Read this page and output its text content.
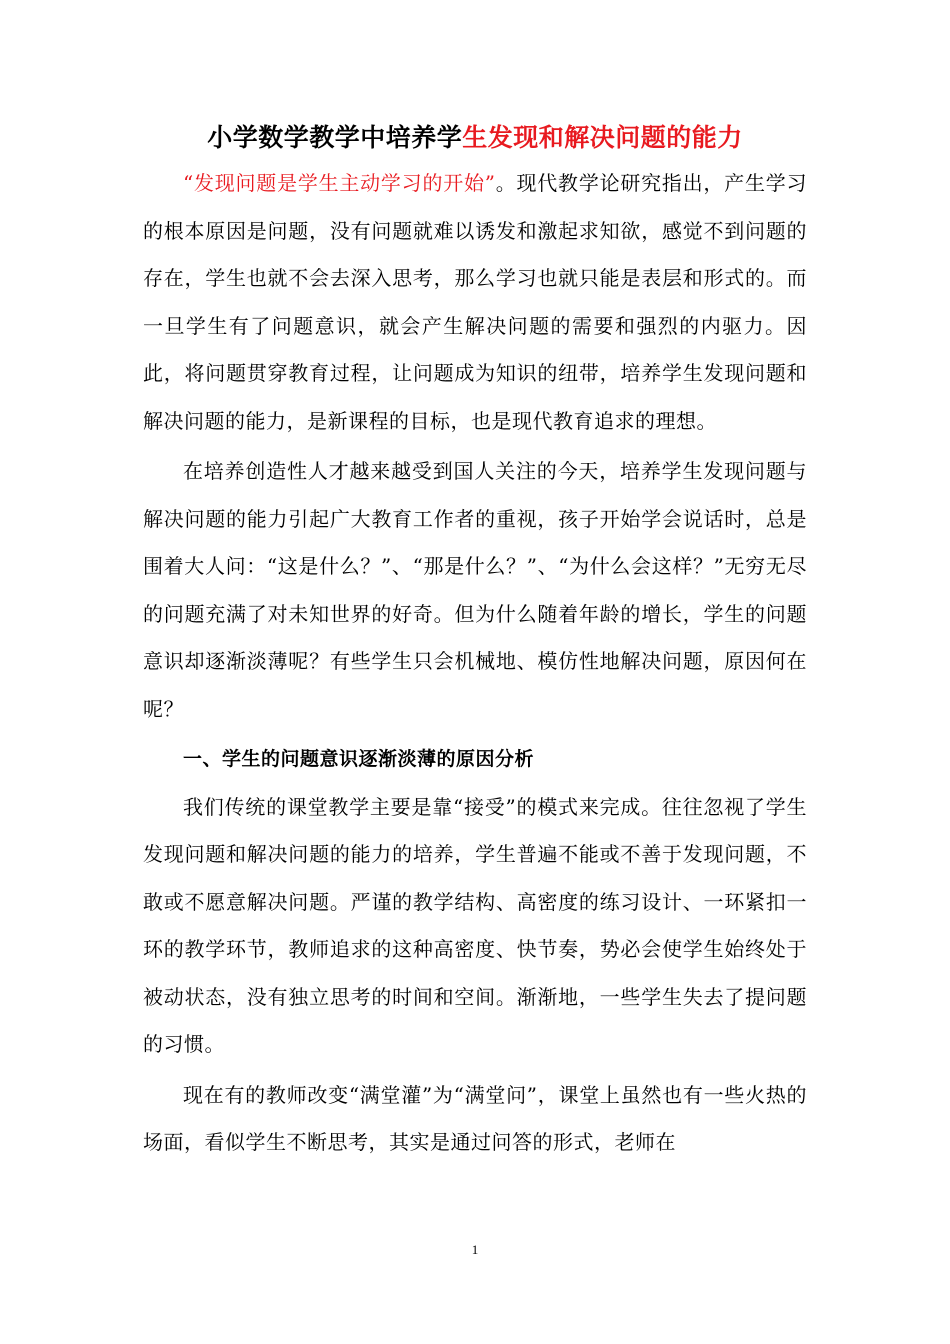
小学数学教学中培养学生发现和解决问题的能力

“发现问题是学生主动学习的开始”。现代教学论研究指出，产生学习的根本原因是问题，没有问题就难以诱发和激起求知欲，感觉不到问题的存在，学生也就不会去深入思考，那么学习也就只能是表层和形式的。而一旦学生有了问题意识，就会产生解决问题的需要和强烈的内驱力。因此，将问题贯穿教育过程，让问题成为知识的纽带，培养学生发现问题和解决问题的能力，是新课程的目标，也是现代教育追求的理想。

在培养创造性人才越来越受到国人关注的今天，培养学生发现问题与解决问题的能力引起广大教育工作者的重视，孩子开始学会说话时，总是围着大人问：“这是什么？”、“那是什么？”、“为什么会这样？”无穷无尽的问题充满了对未知世界的好奇。但为什么随着年龄的增长，学生的问题意识却逐渐淡薄呢？有些学生只会机械地、模仿性地解决问题，原因何在呢？

一、学生的问题意识逐渐淡薄的原因分析

我们传统的课堂教学主要是靠“接受”的模式来完成。往往忽视了学生发现问题和解决问题的能力的培养，学生普遍不能或不善于发现问题，不敢或不愿意解决问题。严谨的教学结构、高密度的练习设计、一环紧扣一环的教学环节，教师追求的这种高密度、快节奏，势必会使学生始终处于被动状态，没有独立思考的时间和空间。渐渐地，一些学生失去了提问题的习惯。

现在有的教师改变“满堂灌”为“满堂问”，课堂上虽然也有一些火热的场面，看似学生不断思考，其实是通过问答的形式，老师在

1
